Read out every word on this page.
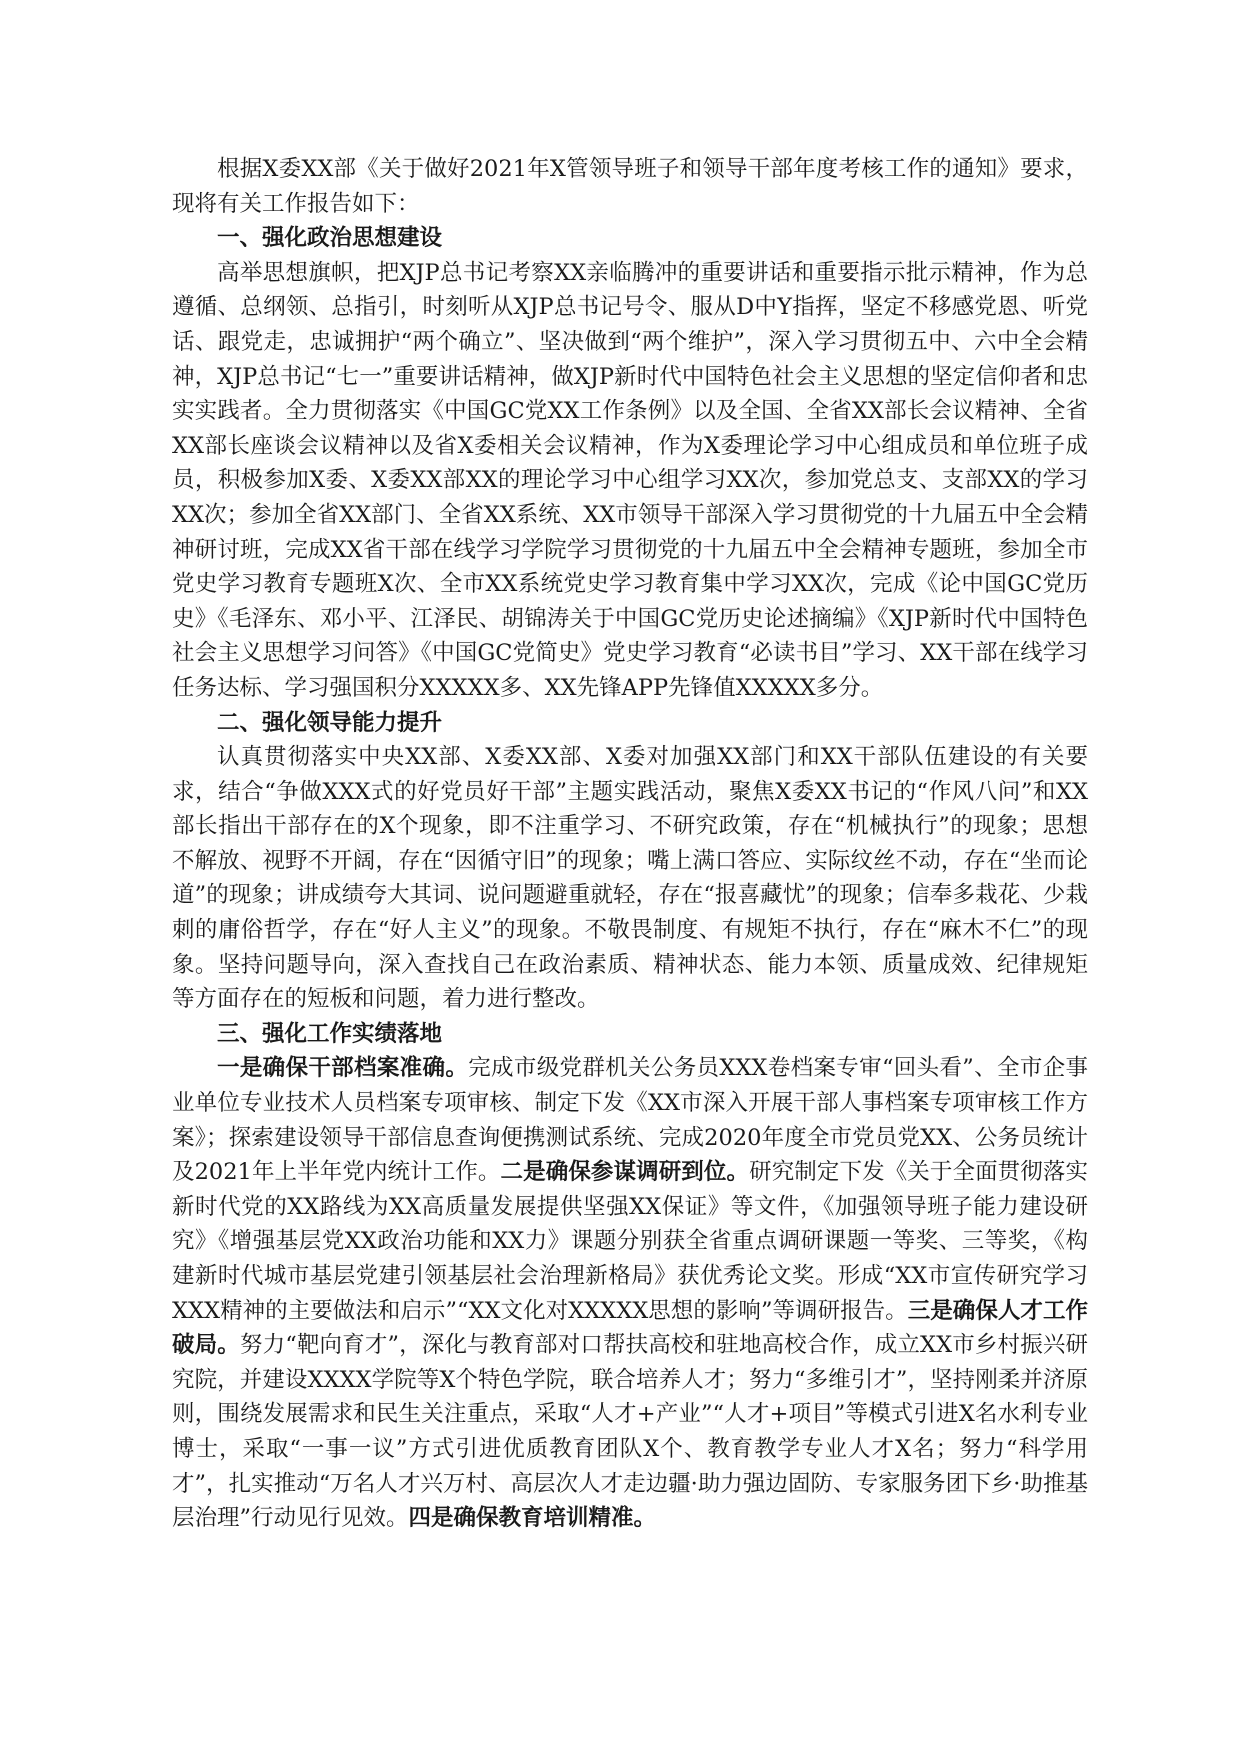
根据X委XX部《关于做好2021年X管领导班子和领导干部年度考核工作的通知》要求，现将有关工作报告如下：

一、强化政治思想建设

高举思想旗帜，把XJP总书记考察XX亲临腾冲的重要讲话和重要指示批示精神，作为总遵循、总纲领、总指引，时刻听从XJP总书记号令、服从D中Y指挥，坚定不移感党恩、听党话、跟党走，忠诚拥护“两个确立”、坚决做到“两个维护”，深入学习贯彻五中、六中全会精神，XJP总书记“七一”重要讲话精神，做XJP新时代中国特色社会主义思想的坚定信仰者和忠实实践者。全力贯彻落实《中国GC党XX工作条例》以及全国、全省XX部长会议精神、全省XX部长座谈会议精神以及省X委相关会议精神，作为X委理论学习中心组成员和单位班子成员，积极参加X委、X委XX部XX的理论学习中心组学习XX次，参加党总支、支部XX的学习XX次；参加全省XX部门、全省XX系统、XX市领导干部深入学习贯彻党的十九届五中全会精神研讨班，完成XX省干部在线学习学院学习贯彻党的十九届五中全会精神专题班，参加全市党史学习教育专题班X次、全市XX系统党史学习教育集中学习XX次，完成《论中国GC党历史》《毛泽东、邓小平、江泽民、胡锦涛关于中国GC党历史论述摘编》《XJP新时代中国特色社会主义思想学习问答》《中国GC党简史》党史学习教育“必读书目”学习、XX干部在线学习任务达标、学习强国积分XXXXX多、XX先锋APP先锋值XXXXX多分。

二、强化领导能力提升

认真贯彻落实中央XX部、X委XX部、X委对加强XX部门和XX干部队伍建设的有关要求，结合“争做XXX式的好党员好干部”主题实践活动，聚焦X委XX书记的“作风八问”和XX部长指出干部存在的X个现象，即不注重学习、不研究政策，存在“机械执行”的现象；思想不解放、视野不开阔，存在“因循守旧”的现象；嘴上满口答应、实际纹丝不动，存在“坐而论道”的现象；讲成绩夸大其词、说问题避重就轻，存在“报喜藏忧”的现象；信奉多栽花、少栽刺的庸俗哲学，存在“好人主义”的现象。不敬畏制度、有规矩不执行，存在“麻木不仁”的现象。坚持问题导向，深入查找自己在政治素质、精神状态、能力本领、质量成效、纪律规矩等方面存在的短板和问题，着力进行整改。

三、强化工作实绩落地

一是确保干部档案准确。完成市级党群机关公务员XXX卷档案专审“回头看”、全市企事业单位专业技术人员档案专项审核、制定下发《XX市深入开展干部人事档案专项审核工作方案》；探索建设领导干部信息查询便携测试系统、完成2020年度全市党员党XX、公务员统计及2021年上半年党内统计工作。二是确保参谋调研到位。研究制定下发《关于全面贯彻落实新时代党的XX路线为XX高质量发展提供坚强XX保证》等文件，《加强领导班子能力建设研究》《增强基层党XX政治功能和XX力》课题分别获全省重点调研课题一等奖、三等奖，《构建新时代城市基层党建引领基层社会治理新格局》获优秀论文奖。形成“XX市宣传研究学习XXX精神的主要做法和启示”“XX文化对XXXXX思想的影响”等调研报告。三是确保人才工作破局。努力“靶向育才”，深化与教育部对口帮扶高校和驻地高校合作，成立XX市乡村振兴研究院，并建设XXXX学院等X个特色学院，联合培养人才；努力“多维引才”，坚持刚柔并济原则，围绕发展需求和民生关注重点，采取“人才+产业”“人才+项目”等模式引进X名水利专业博士，采取“一事一议”方式引进优质教育团队X个、教育教学专业人才X名；努力“科学用才”，扎实推动“万名人才兴万村、高层次人才走边疆·助力强边固防、专家服务团下乡·助推基层治理”行动见行见效。四是确保教育培训精准。
